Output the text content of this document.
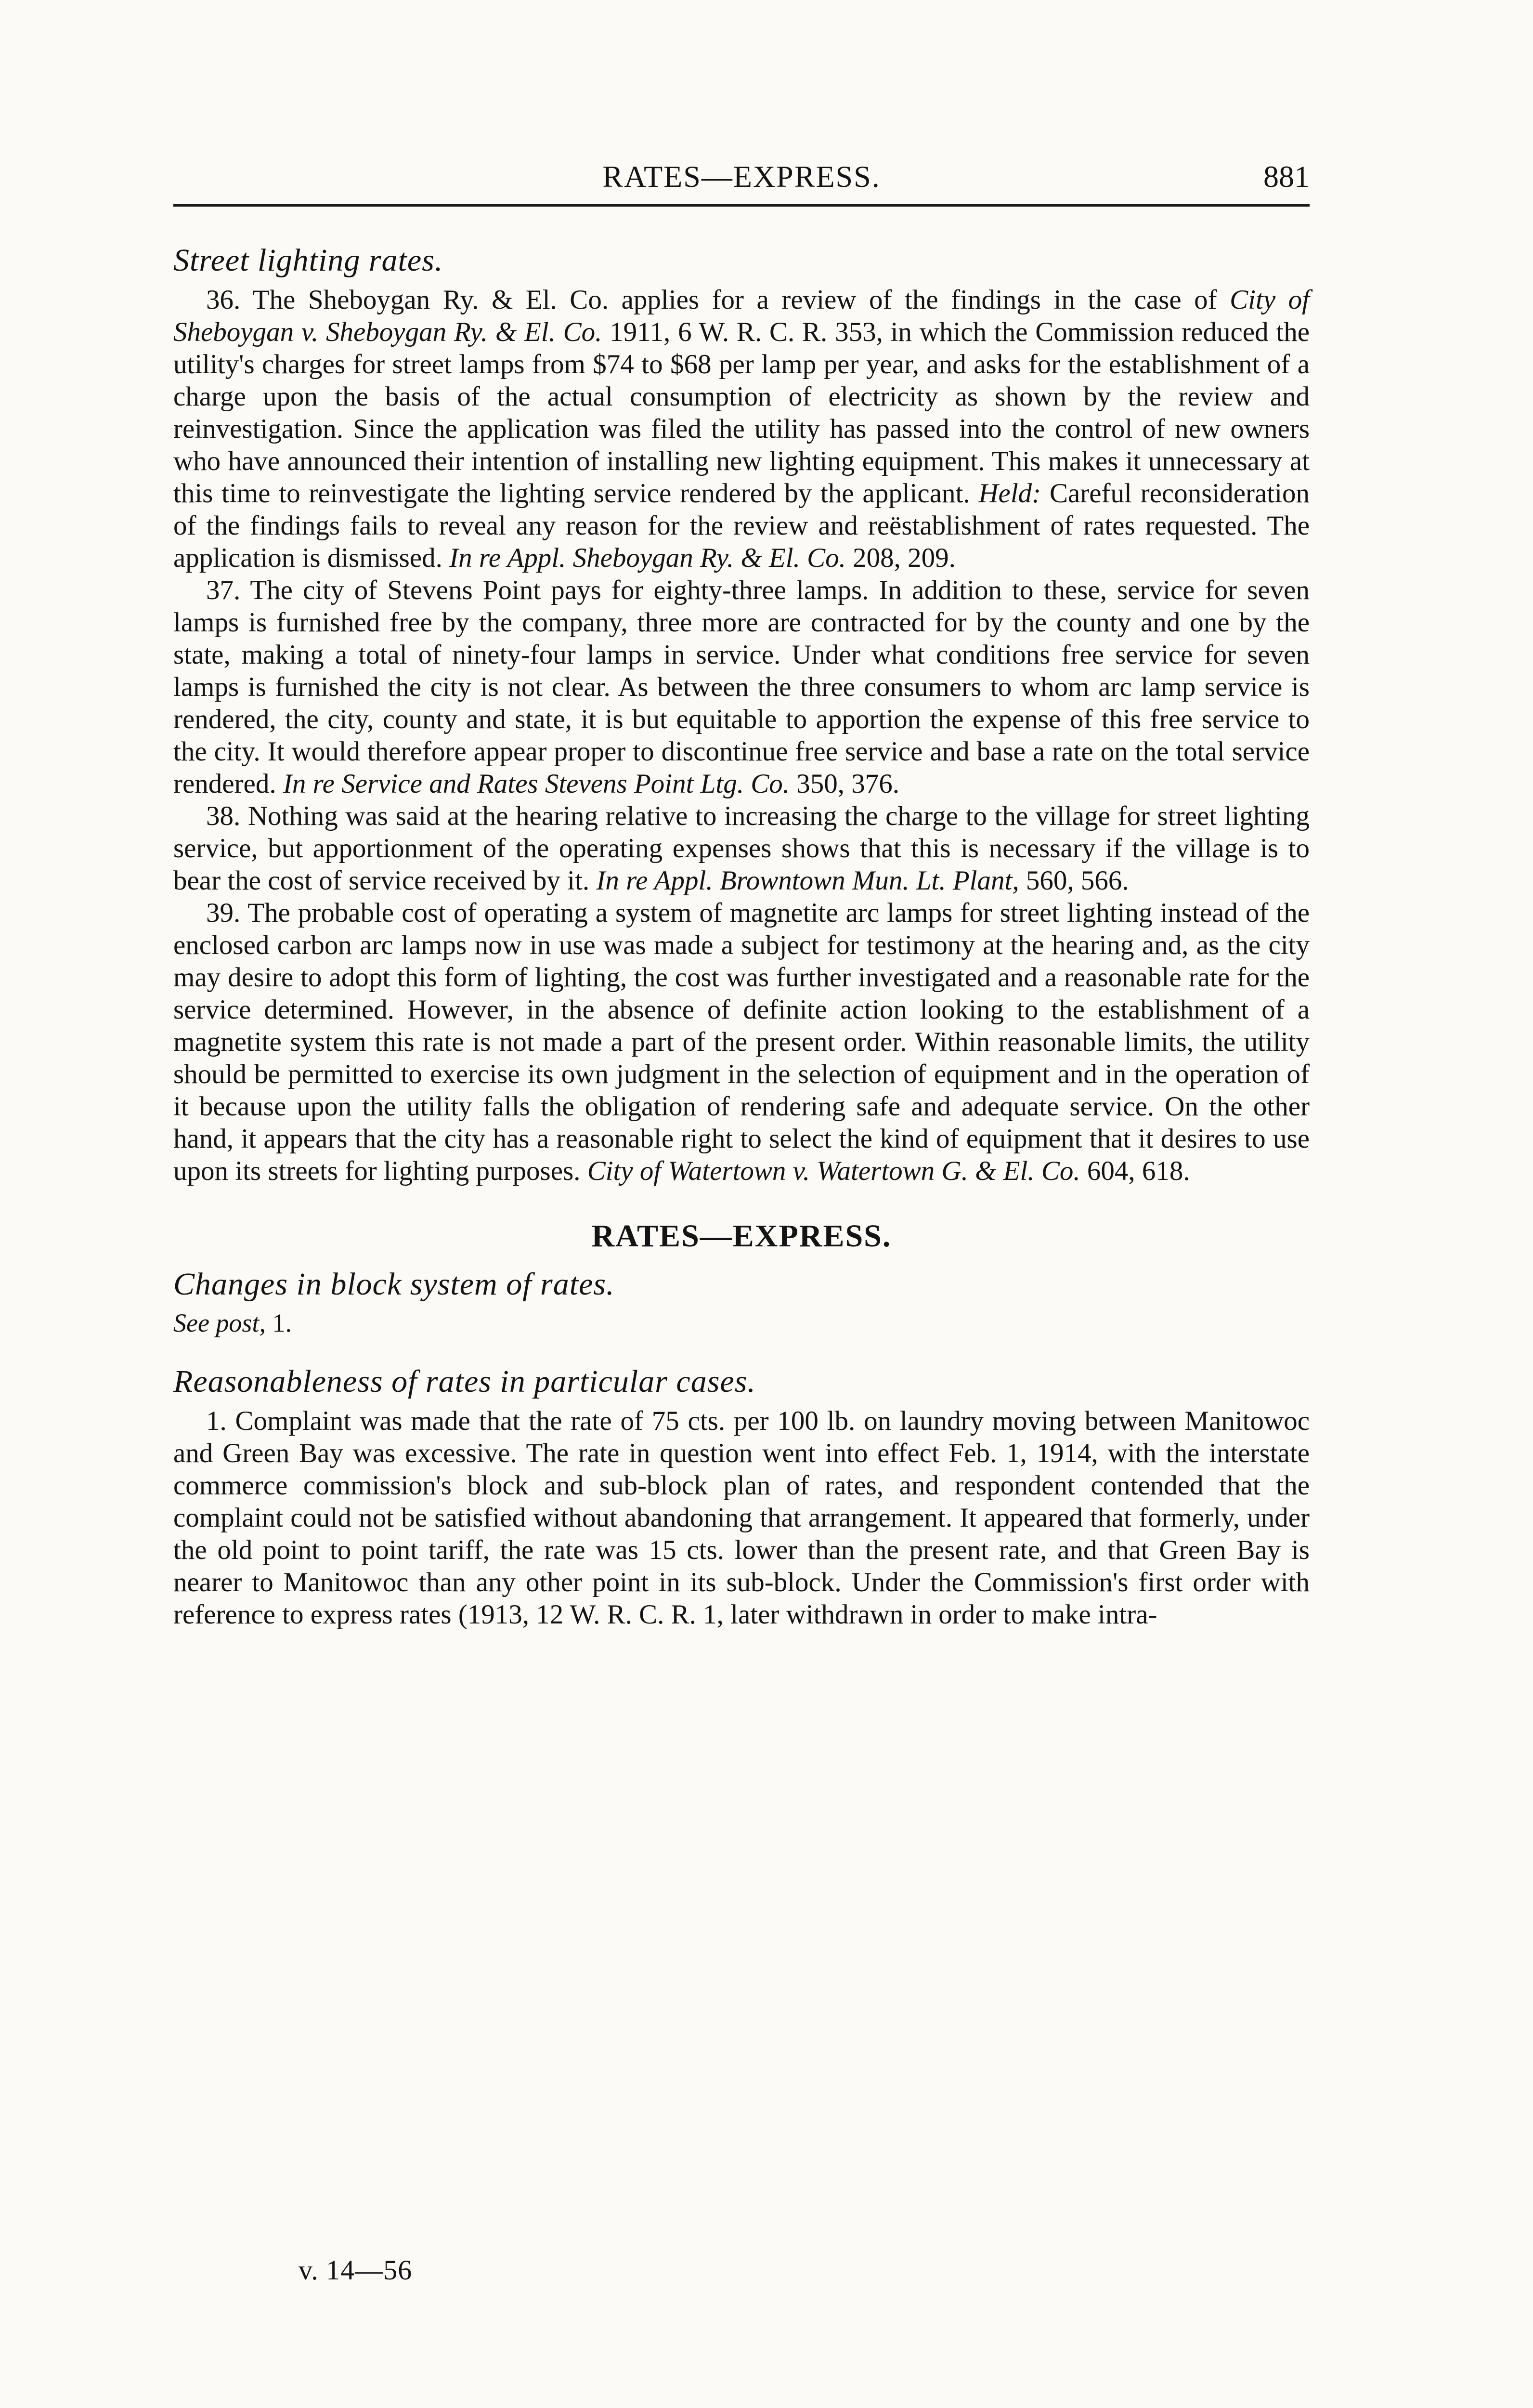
RATES—EXPRESS.	881
Street lighting rates.

36. The Sheboygan Ry. & El. Co. applies for a review of the findings in the case of City of Sheboygan v. Sheboygan Ry. & El. Co. 1911, 6 W. R. C. R. 353, in which the Commission reduced the utility's charges for street lamps from $74 to $68 per lamp per year, and asks for the establishment of a charge upon the basis of the actual consumption of electricity as shown by the review and reinvestigation. Since the application was filed the utility has passed into the control of new owners who have announced their intention of installing new lighting equipment. This makes it unnecessary at this time to reinvestigate the lighting service rendered by the applicant. Held: Careful reconsideration of the findings fails to reveal any reason for the review and reëstablishment of rates requested. The application is dismissed. In re Appl. Sheboygan Ry. & El. Co. 208, 209.

37. The city of Stevens Point pays for eighty-three lamps. In addition to these, service for seven lamps is furnished free by the company, three more are contracted for by the county and one by the state, making a total of ninety-four lamps in service. Under what conditions free service for seven lamps is furnished the city is not clear. As between the three consumers to whom arc lamp service is rendered, the city, county and state, it is but equitable to apportion the expense of this free service to the city. It would therefore appear proper to discontinue free service and base a rate on the total service rendered. In re Service and Rates Stevens Point Ltg. Co. 350, 376.

38. Nothing was said at the hearing relative to increasing the charge to the village for street lighting service, but apportionment of the operating expenses shows that this is necessary if the village is to bear the cost of service received by it. In re Appl. Browntown Mun. Lt. Plant, 560, 566.

39. The probable cost of operating a system of magnetite arc lamps for street lighting instead of the enclosed carbon arc lamps now in use was made a subject for testimony at the hearing and, as the city may desire to adopt this form of lighting, the cost was further investigated and a reasonable rate for the service determined. However, in the absence of definite action looking to the establishment of a magnetite system this rate is not made a part of the present order. Within reasonable limits, the utility should be permitted to exercise its own judgment in the selection of equipment and in the operation of it because upon the utility falls the obligation of rendering safe and adequate service. On the other hand, it appears that the city has a reasonable right to select the kind of equipment that it desires to use upon its streets for lighting purposes. City of Watertown v. Watertown G. & El. Co. 604, 618.

RATES—EXPRESS.
Changes in block system of rates.
See post, 1.
Reasonableness of rates in particular cases.

1. Complaint was made that the rate of 75 cts. per 100 lb. on laundry moving between Manitowoc and Green Bay was excessive. The rate in question went into effect Feb. 1, 1914, with the interstate commerce commission's block and sub-block plan of rates, and respondent contended that the complaint could not be satisfied without abandoning that arrangement. It appeared that formerly, under the old point to point tariff, the rate was 15 cts. lower than the present rate, and that Green Bay is nearer to Manitowoc than any other point in its sub-block. Under the Commission's first order with reference to express rates (1913, 12 W. R. C. R. 1, later withdrawn in order to make intra-

v. 14—56
